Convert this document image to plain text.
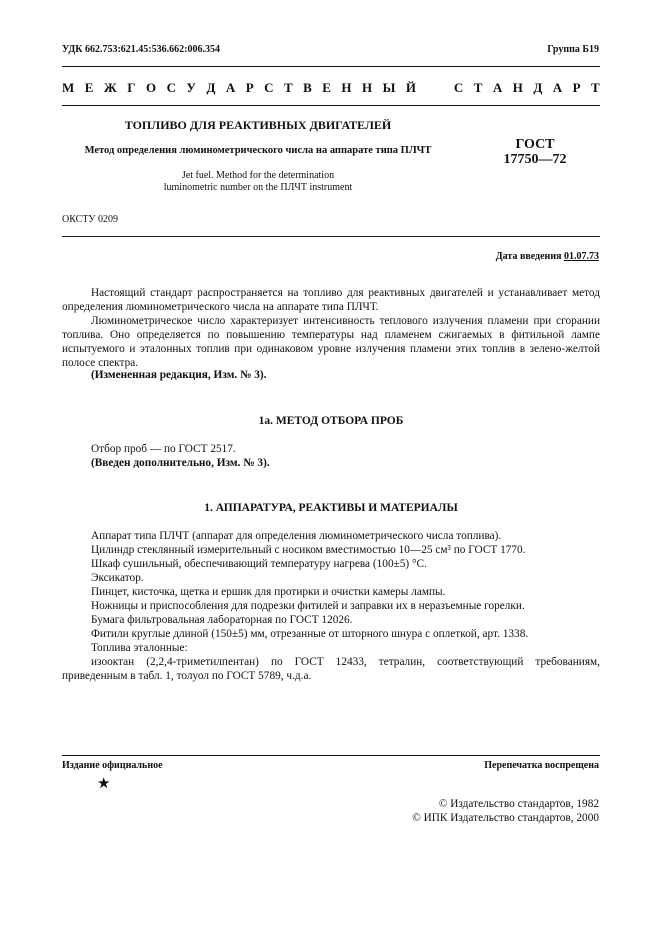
УДК 662.753:621.45:536.662:006.354	Группа Б19
М Е Ж Г О С У Д А Р С Т В Е Н Н Ы Й

	С Т А Н Д А Р Т
ТОПЛИВО ДЛЯ РЕАКТИВНЫХ ДВИГАТЕЛЕЙ
Метод определения люминометрического числа на аппарате типа ПЛЧТ
Jet fuel. Method for the determination
luminometric number on the ПЛЧТ instrument
ГОСТ
17750—72
ОКСТУ 0209
Дата введения 01.07.73

Настоящий стандарт распространяется на топливо для реактивных двигателей и устанавливает метод определения люминометрического числа на аппарате типа ПЛЧТ.

Люминометрическое число характеризует интенсивность теплового излучения пламени при сгорании топлива. Оно определяется по повышению температуры над пламенем сжигаемых в фитильной лампе испытуемого и эталонных топлив при одинаковом уровне излучения пламени этих топлив в зелено-желтой полосе спектра.

(Измененная редакция, Изм. № 3).
1а. МЕТОД ОТБОРА ПРОБ
Отбор проб — по ГОСТ 2517.
(Введен дополнительно, Изм. № 3).
1. АППАРАТУРА, РЕАКТИВЫ И МАТЕРИАЛЫ
Аппарат типа ПЛЧТ (аппарат для определения люминометрического числа топлива).
Цилиндр стеклянный измерительный с носиком вместимостью 10—25 см³ по ГОСТ 1770.
Шкаф сушильный, обеспечивающий температуру нагрева (100±5) °С.
Эксикатор.
Пинцет, кисточка, щетка и ершик для протирки и очистки камеры лампы.
Ножницы и приспособления для подрезки фитилей и заправки их в неразъемные горелки.
Бумага фильтровальная лабораторная по ГОСТ 12026.
Фитили круглые длиной (150±5) мм, отрезанные от шторного шнура с оплеткой, арт. 1338.
Топлива эталонные:

изооктан (2,2,4-триметилпентан) по ГОСТ 12433, тетралин, соответствующий требованиям, приведенным в табл. 1, толуол по ГОСТ 5789, ч.д.а.

Издание официальное	Перепечатка воспрещена
★
© Издательство стандартов, 1982
© ИПК Издательство стандартов, 2000
